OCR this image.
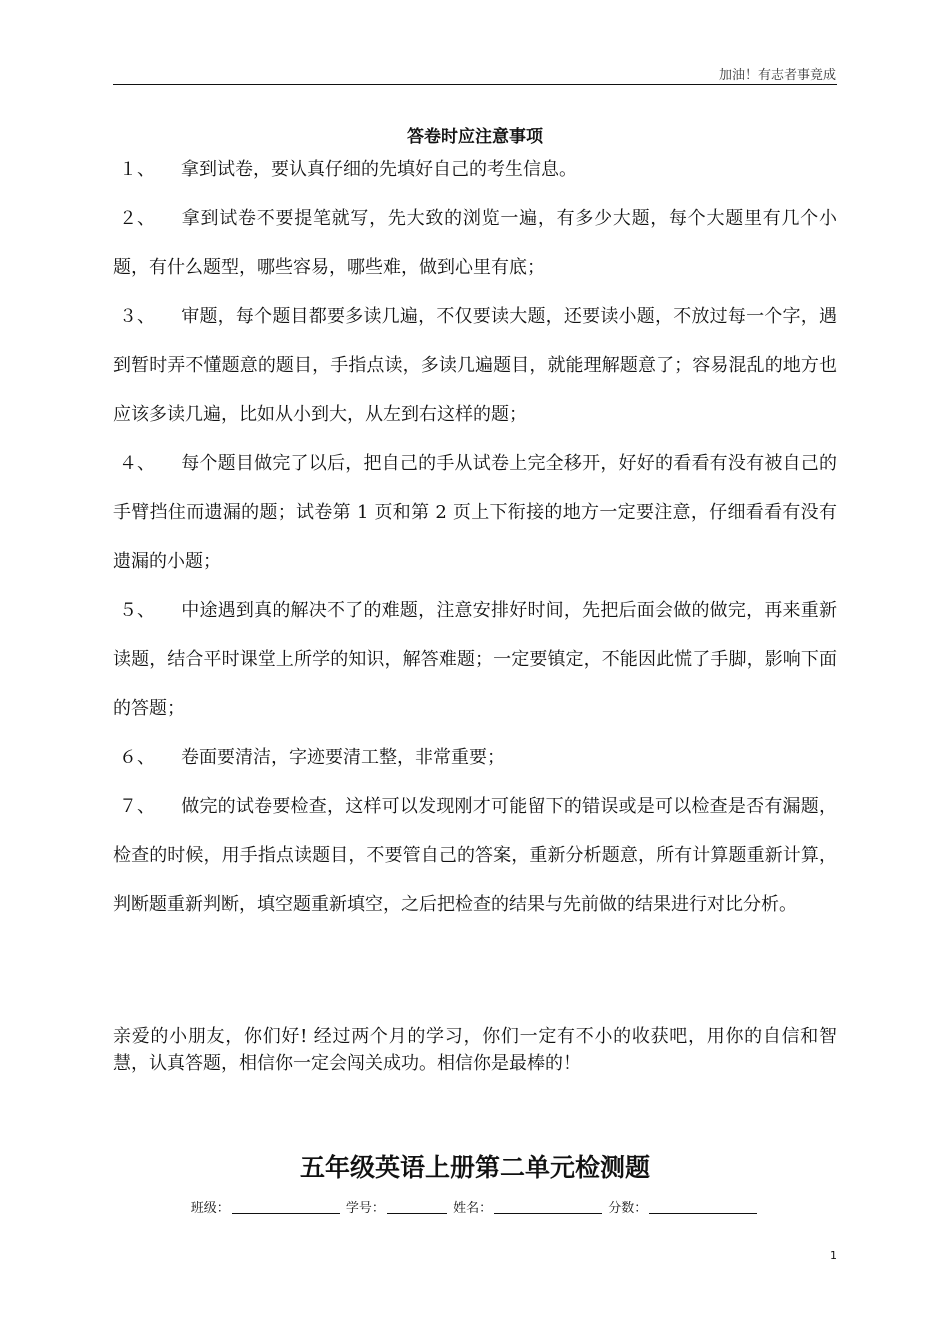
加油！有志者事竟成
答卷时应注意事项

１、 拿到试卷，要认真仔细的先填好自己的考生信息。

２、 拿到试卷不要提笔就写，先大致的浏览一遍，有多少大题，每个大题里有几个小题，有什么题型，哪些容易，哪些难，做到心里有底；

３、 审题，每个题目都要多读几遍，不仅要读大题，还要读小题，不放过每一个字，遇到暂时弄不懂题意的题目，手指点读，多读几遍题目，就能理解题意了；容易混乱的地方也应该多读几遍，比如从小到大，从左到右这样的题；

４、 每个题目做完了以后，把自己的手从试卷上完全移开，好好的看看有没有被自己的手臂挡住而遗漏的题；试卷第 1 页和第 2 页上下衔接的地方一定要注意，仔细看看有没有遗漏的小题；

５、 中途遇到真的解决不了的难题，注意安排好时间，先把后面会做的做完，再来重新读题，结合平时课堂上所学的知识，解答难题；一定要镇定，不能因此慌了手脚，影响下面的答题；

６、 卷面要清洁，字迹要清工整，非常重要；

７、 做完的试卷要检查，这样可以发现刚才可能留下的错误或是可以检查是否有漏题，检查的时候，用手指点读题目，不要管自己的答案，重新分析题意，所有计算题重新计算，判断题重新判断，填空题重新填空，之后把检查的结果与先前做的结果进行对比分析。

亲爱的小朋友，你们好! 经过两个月的学习，你们一定有不小的收获吧，用你的自信和智慧，认真答题，相信你一定会闯关成功。相信你是最棒的！
五年级英语上册第二单元检测题
班级：	学号：	姓名：	分数：
1
